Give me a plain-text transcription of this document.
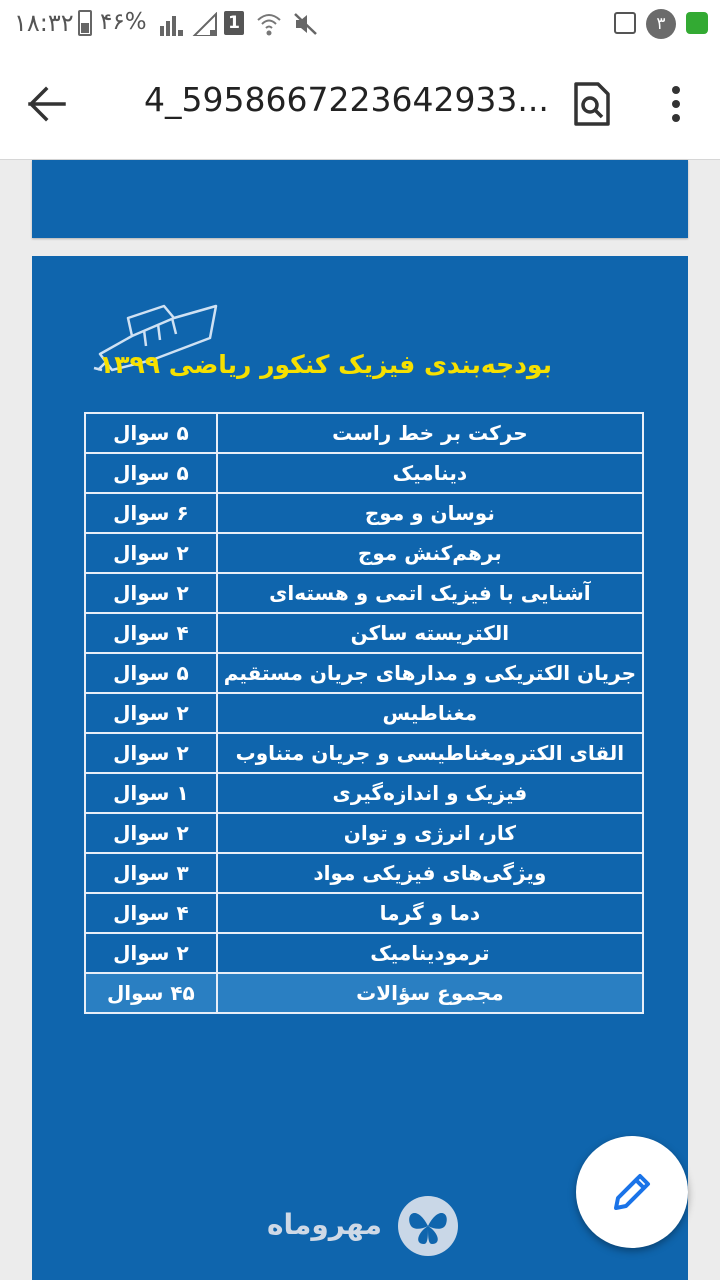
۱۸:۳۲ ۴۶%	1	۳
4_5958667223642933...
بودجه‌بندی فیزیک کنکور ریاضی ۱۳۹۹
حرکت بر خط راست	۵ سوال
دینامیک	۵ سوال
نوسان و موج	۶ سوال
برهم‌کنش موج	۲ سوال
آشنایی با فیزیک اتمی و هسته‌ای	۲ سوال
الکتریسته ساکن	۴ سوال
جریان الکتریکی و مدارهای جریان مستقیم	۵ سوال
مغناطیس	۲ سوال
القای الکترومغناطیسی و جریان متناوب	۲ سوال
فیزیک و اندازه‌گیری	۱ سوال
کار، انرژی و توان	۲ سوال
ویژگی‌های فیزیکی مواد	۳ سوال
دما و گرما	۴ سوال
ترمودینامیک	۲ سوال
مجموع سؤالات	۴۵ سوال
مهروماه
